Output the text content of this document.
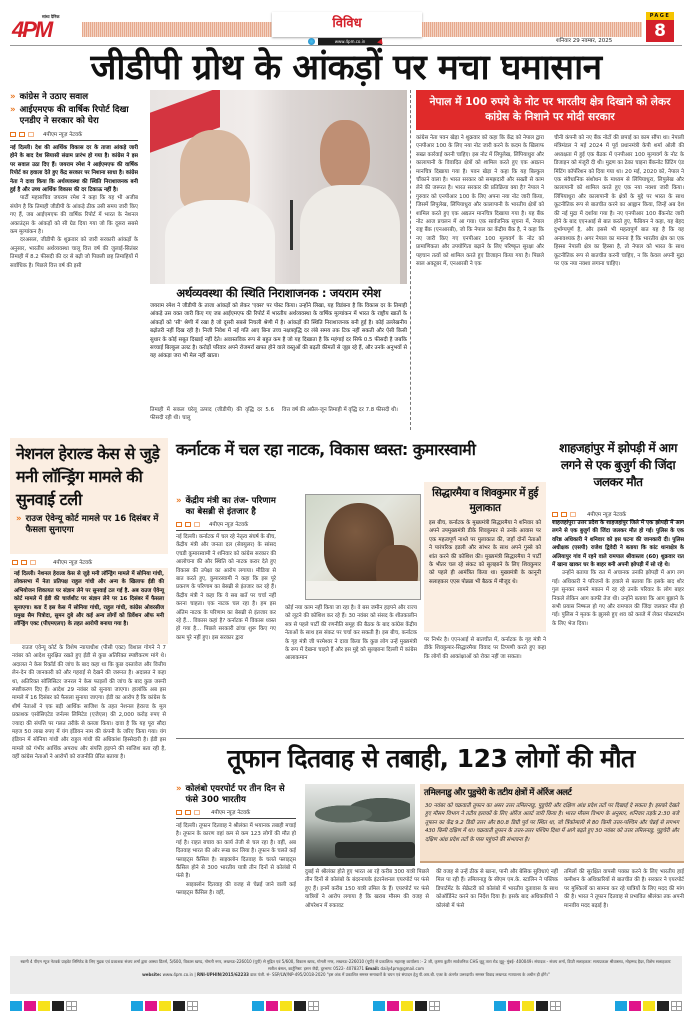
सांध्य दैनिक
4PM	विविध
www.4pm.co.in	शनिवार 29 नवम्बर, 2025
PAGE
8
जीडीपी ग्रोथ के आंकड़ों पर मचा घमासान
» कांग्रेस ने उठाए सवाल
» आईएमएफ की वार्षिक रिपोर्ट दिखा एनडीए ने सरकार को घेरा
4पीएम न्यूज़ नेटवर्क

नई दिल्ली। देश की आर्थिक विकास दर के ताजा आंकड़े जारी होने के बाद देश सियासी संग्राम प्रारंभ हो गया है। कांग्रेस ने इस पर सवाल उठा दिए हैं। जयराम रमेश ने आईएमएफ की वार्षिक रिपोर्ट का हवाला देते हुए केंद्र सरकार पर निशाना साधा है। कांग्रेस नेता ने दावा किया कि अर्थव्यवस्था की स्थिति निराशाजनक बनी हुई है और उच्च आर्थिक विकास की दर टिकाऊ नहीं है।

पार्टी महासचिव जयराम रमेश ने कहा कि यह भी अजीब संयोग है कि तिमाही जीडीपी के आंकड़े ठीक उसी समय जारी किए गए हैं, जब आईएमएफ की वार्षिक रिपोर्ट में भारत के नेशनल अकाउंट्स के आंकड़ों को सी ग्रेड दिया गया जो कि दूसरा सबसे कम मूल्यांकन है।

दरअसल, जीडीपी के शुक्रवार को जारी सरकारी आंकड़ों के अनुसार, भारतीय अर्थव्यवस्था चालू वित्त वर्ष की जुलाई-सितंबर तिमाही में 8.2 फीसदी की दर से बढ़ी जो पिछली छह तिमाहियों में सर्वाधिक है। पिछले वित्त वर्ष की इसी

अर्थव्यवस्था की स्थिति निराशाजनक : जयराम रमेश
जयराम रमेश ने जीडीपी के ताजा आंकड़ों को लेकर 'एक्स' पर पोस्ट किया। उन्होंने लिखा, यह विडंबना है कि विकास दर के तिमाही आंकड़े उस वक्त जारी किए गए जब आईएमएफ की रिपोर्ट में भारतीय अर्थव्यवस्था के वार्षिक मूल्यांकन में भारत के राष्ट्रीय खातों के आंकड़ों को 'सी' श्रेणी में रखा है जो दूसरी सबसे निचली श्रेणी में है। आंकड़ों की स्थिति निराशाजनक बनी हुई है। कोई उल्लेखनीय बढ़ोतरी नहीं दिख रही है। निजी निवेश में नई गति आए बिना उच्च नक्षत्रवृद्धि दर लंबे समय तक टिक नहीं सकती और ऐसी किसी सुधार के कोई सबूत दिखाई नहीं देते। अवास्तविक रूप से बहुत कम है जो यह दिखाता है कि महंगाई दर सिर्फ 0.5 फीसदी है जबकि सच्चाई बिल्कुल उलट है। करोड़ों परिवार अपने रोजमर्रा खपत होने वाले वस्तुओं की बढ़ती कीमतों से जूझ रहे हैं, और उनके अनुभवों से यह आंकड़ा जरा भी मेल नहीं खाता।
तिमाही में सकल घरेलू उत्पाद (जीडीपी) की वृद्धि दर 5.6 फीसदी रही थी। चालू
वित्त वर्ष की अप्रैल-जून तिमाही में वृद्धि दर 7.8 फीसदी थी।
नेपाल में 100 रुपये के नोट पर भारतीय क्षेत्र दिखाने को लेकर कांग्रेस के निशाने पर मोदी सरकार
कांग्रेस नेता पवन खेड़ा ने शुक्रवार को कहा कि केंद्र को नेपाल द्वारा एनपीआर 100 के लिए नया नोट जारी करने के कदम के खिलाफ सख्त कार्रवाई करनी चाहिए। इस नोट में लिपुलेख, लिंपियाधुरा और कालापानी के विवादित क्षेत्रों को शामिल करते हुए एक अद्यतन मानचित्र दिखाया गया है। पवन खेड़ा ने कहा कि यह बिल्कुल चौंकाने वाला है। भारत सरकार को समझदारी और सख्ती से काम लेने की जरूरत है। भारत सरकार की प्रतिक्रिया क्या है? नेपाल ने गुरुवार को एनपीआर 100 के लिए अपना नया नोट जारी किया, जिसमें लिपुलेख, लिंपियाधुरा और कालापानी के भारतीय क्षेत्रों को शामिल करते हुए एक अद्यतन मानचित्र दिखाया गया है। यह बैंक नोट आज प्रचलन में आ गया। एक सार्वजनिक सूचना में, नेपाल राष्ट्र बैंक (एनआरबी), जो कि नेपाल का केंद्रीय बैंक है, ने कहा कि नए जारी किए गए एनपीआर 100 मूल्यवर्ग के नोट को प्रामाणिकता और उपयोगिता बढ़ाने के लिए परिष्कृत सुरक्षा और पहचान तत्वों को शामिल करते हुए डिजाइन किया गया है। पिछले साल अक्टूबर में, एनआरबी ने एक
चीनी कंपनी को नए बैंक नोटों की छपाई का काम सौंपा था। नेपाली मंत्रिमंडल ने मई 2024 में पूर्व प्रधानमंत्री केपी शर्मा ओली की अध्यक्षता में हुई एक बैठक में एनपीआर 100 मूल्यवर्ग के नोट के डिजाइन को मंजूरी दी थी। मुद्रण का ठेका चाइना बैंकनोट प्रिंटिंग एंड मिंटिंग कॉर्पोरेशन को दिया गया था। 20 मई, 2020 को, नेपाल ने एक संवैधानिक संशोधन के माध्यम से लिंपियाधुरा, लिपुलेख और कालापानी को शामिल करते हुए एक नया नक्शा जारी किया। लिंपियाधुरा और कालापानी के क्षेत्रों के मुद्दे पर भारत के साथ कूटनीतिक रूप से बातचीत करने का आह्वान किया, जिन्हें अब देश की नई मुद्रा में दर्शाया गया है। नए एनपीआर 100 बैंकनोट जारी होने के बाद एएनआई से बात करते हुए, फैबियन ने कहा, यह बेहद दुर्भाग्यपूर्ण है, और इससे भी महत्वपूर्ण बात यह है कि यह अनावश्यक है। अगर नेपाल का मानना है कि भारतीय क्षेत्र का एक हिस्सा नेपाली क्षेत्र का हिस्सा है, तो नेपाल को भारत के साथ कूटनीतिक रूप से बातचीत करनी चाहिए, न कि केवल अपनी मुद्रा पर एक नया नक्शा लगाना चाहिए।
नेशनल हेराल्ड केस से जुड़े मनी लॉन्ड्रिंग मामले की सुनवाई टली
» राउज ऐवेन्यू कोर्ट मामले पर 16 दिसंबर में फैसला सुनाएगा
4पीएम न्यूज़ नेटवर्क
नई दिल्ली। नेशनल हेराल्ड केस से जुड़े मनी लॉन्ड्रिंग मामले में सोनिया गांधी, लोकसभा में नेता प्रतिपक्ष राहुल गांधी और अन्य के खिलाफ ईडी की अभियोजन शिकायत पर संज्ञान लेने पर सुनवाई टल गई है. अब राउज ऐवेन्यू कोर्ट मामले में ईडी की चार्जशीट पर संज्ञान लेने पर 16 दिसंबर में फैसला सुनाएगा। बता दें इस केस में सोनिया गांधी, राहुल गांधी, कांग्रेस ओवरसीज प्रमुख सैम पित्रोदा, सुमन दुबे और कई अन्य लोगों को प्रिवेंशन ऑफ मनी लॉन्ड्रिंग एक्ट (पीएमएलए) के तहत आरोपी बनाया गया है।
राउज एवेन्यू कोर्ट के विशेष न्यायाधीश (पीसी एक्ट) विशाल गोगने ने 7 नवंबर को आदेश सुरक्षित रखते हुए ईडी से कुछ अतिरिक्त स्पष्टीकरण मांगे थे। अदालत ने केस रिकॉर्ड की जांच के बाद कहा था कि कुछ दस्तावेज और वित्तीय लेन-देन की जानकारी को और गहराई से देखने की जरूरत है। अदालत ने कहा था, अतिरिक्त सॉलिसिटर जनरल ने केस फाइलों की जांच के बाद कुछ जरूरी स्पष्टीकरण दिए हैं। आदेश 29 नवंबर को सुनाया जाएगा। हालांकि अब इस मामले में 16 दिसंबर को फैसला सुनाया जाएगा। ईडी का आरोप है कि कांग्रेस के शीर्ष नेताओं ने एक बड़ी आर्थिक साजिश के तहत नेशनल हेराल्ड के मूल प्रकाशक एसोसिएटेड जर्नल्स लिमिटेड (एजेएल) की 2,000 करोड़ रुपए से ज्यादा की संपत्ति पर गलत तरीके से कब्जा किया। दावा है कि यह पूरा सौदा महज 50 लाख रुपए में यंग इंडियन नाम की कंपनी के जरिए किया गया। यंग इंडियन में सोनिया गांधी और राहुल गांधी की अधिकांश हिस्सेदारी है। ईडी इस मामले को गंभीर आर्थिक अपराध और संपत्ति हड़पने की साजिश बता रही है, वहीं कांग्रेस नेताओं ने आरोपों को राजनीति प्रेरित बताया है।
कर्नाटक में चल रहा नाटक, विकास ध्वस्त: कुमारस्वामी
» केंद्रीय मंत्री का तंज- परिणाम का बेसब्री से इंतजार है
4पीएम न्यूज़ नेटवर्क
नई दिल्ली। कर्नाटक में चल रहे नेतृत्व संघर्ष के बीच, केंद्रीय मंत्री और जनता दल (सेक्युलर) के सांसद एचडी कुमारस्वामी ने शनिवार को कांग्रेस सरकार की आलोचना की और स्थिति को नाटक करार देते हुए विकास की उपेक्षा का आरोप लगाया। मीडिया से बात करते हुए, कुमारस्वामी ने कहा कि इस पूरे प्रकरण के परिणाम का बेसब्री से इंतजार कर रहे हैं। केंद्रीय मंत्री ने कहा कि ये सब बातें पर चर्चा नहीं करना चाहता। एक नाटक चल रहा है। हम इस अंतिम नाटक के परिणाम का बेसब्री से इंतजार कर रहे हैं... विकास कहां है? कर्नाटक में विकास ध्वस्त हो गया है... पिछले सरकारी ढांचा शुरू किए गए काम पूरे नहीं हुए। इस सरकार द्वारा
कोई नया काम नहीं किया जा रहा है। वे बस जमीन हड़पने और राज्य को लूटने की कोशिश कर रहे हैं। 30 नवंबर को संसद के शीतकालीन सत्र से पहले पार्टी की रणनीति समूह की बैठक के बाद कांग्रेस केंद्रीय नेताओं के साथ इस संकट पर चर्चा कर सकती है। इस बीच, कर्नाटक के गृह मंत्री जी परमेश्वर ने दावा किया कि कुछ लोग उन्हें मुख्यमंत्री के रूप में देखना चाहते हैं और इस मुद्दे को सुलझाना दिल्ली में कांग्रेस आलाकमान
सिद्धारमैया व शिवकुमार में हुई मुलाकात
इस बीच, कर्नाटक के मुख्यमंत्री सिद्धारमैया ने शनिवार को अपने उपमुख्यमंत्री डीके शिवकुमार से उनके आवास पर एक महत्वपूर्ण नाश्ते पर मुलाकात की, जहाँ दोनों नेताओं ने पारंपरिक इडली और सांभर के साथ अपने गुस्से को शांत करने की कोशिश की। मुख्यमंत्री सिद्धारमैया ने पार्टी के भीतर चल रहे संकट को सुलझाने के लिए शिवकुमार को पहले ही आमंत्रित किया था। मुख्यमंत्री के कानूनी सलाहकार एएस पोन्नन्ना भी बैठक में मौजूद थे।
पर निर्भर है। एएनआई से बातचीत में, कर्नाटक के गृह मंत्री ने डीके शिवकुमार-सिद्धारमैया विवाद पर टिप्पणी करते हुए कहा कि लोगों की आकांक्षाओं को रोका नहीं जा सकता।
शाहजहांपुर में झोपड़ी में आग लगने से एक बुजुर्ग की जिंदा जलकर मौत
4पीएम न्यूज़ नेटवर्क

शाहजहांपुर। उत्तर प्रदेश के शाहजहांपुर जिले में एक झोपड़ी में आग लगने से एक बुजुर्ग की जिंदा जलकर मौत हो गई। पुलिस के एक वरिष्ठ अधिकारी ने शनिवार को इस घटना की जानकारी दी। पुलिस अधीक्षक (एसपी) राजेश द्विवेदी ने बताया कि कांट थानाक्षेत्र के अलियापुर गांव में रहने वाले रामपाल श्रीवास्तव (60) शुक्रवार रात में खाना खाकर घर के बाहर बनी अपनी झोपड़ी में सो रहे थे।

उन्होंने बताया कि रात में अचानक उनकी झोपड़ी में आग लग गई। अधिकारी ने परिजनों के हवाले से बताया कि इसके बाद शोर गुल सुनकर सामने मकान में रह रहे उनके परिवार के लोग बाहर निकले लेकिन आग काफी तेज थी। उन्होंने बताया कि आग बुझाने के सभी प्रयास निष्फल हो गए और रामपाल की जिंदा जलकर मौत हो गई। पुलिस ने मृतक के झुलसे हुए शव को कब्जे में लेकर पोस्टमार्टम के लिए भेज दिया।

तूफान दितवाह से तबाही, 123 लोगों की मौत
» कोलंबो एयरपोर्ट पर तीन दिन से फंसे 300 भारतीय
4पीएम न्यूज़ नेटवर्क

नई दिल्ली। तूफान दितवाह ने श्रीलंका में भयानक तबाही मचाई है। तूफान के कारण वहां कम से कम 123 लोगों की मौत हो गई है। राहत बचाव का कार्य तेजी से चल रहा है। वहीं, अब दितवाह भारत की ओर रूख कर लिया है। तूफान के चलते कई फ्लाइट्स कैंसिल है। साइक्लोन दितवाह के चलते फ्लाइट्स कैंसिल होने से 300 भारतीय यात्री तीन दिनों से कोलंबो में फंसे है।

साइक्लोन दितवाह की वजह से चेन्नई जाने वाली कई फ्लाइट्स कैंसिल है। वहीं,

तमिलनाडु और पुडुचेरी के तटीय क्षेत्रों में ऑरेंज अलर्ट
30 नवंबर को चक्रवाती तूफान का असर उत्तर तमिलनाडु, पुडुचेरी और दक्षिण आंध्र प्रदेश तटों पर दिखाई दे सकता है। इसको देखते हुए मौसम विभाग ने तटीय इलाकों के लिए ऑरेंज अलर्ट जारी किया है। भारत मौसम विभाग के अनुसार, शनिवार तड़के 2:30 बजे तूफान का केंद्र 9.2 डिग्री उत्तर और 80.8 डिग्री पूर्व पर स्थित था, जो त्रिंकोमाली से 80 किमी उत्तर-पश्चिम और चेन्नई से लगभग 430 किमी दक्षिण में था। चक्रवाती तूफान के उत्तर-उत्तर पश्चिम दिशा में आगे बढ़ते हुए 30 नवंबर को उत्तर तमिलनाडु, पुडुचेरी और दक्षिण आंध्र प्रदेश तटों के पास पहुंचने की संभावना है।
दुबई से श्रीलंका होते हुए भारत आ रहे करीब 300 यात्री पिछले तीन दिनों से कोलंबो के बंदरनायके इंटरनेशनल एयरपोर्ट पर फंसे हुए हैं। इनमें करीब 150 यात्री तमिल के हैं। एयरपोर्ट पर फंसे यात्रियों ने आरोप लगाया है कि खराब मौसम की वजह से ऑपरेशन में रुकावट
की वजह से उन्हें ठीक से खाना, पानी और बेसिक सुविधाएं नहीं मिल पा रही हैं। तमिलनाडु के सीएम एम.के. स्टालिन ने पब्लिक डिपार्टमेंट के सेक्रेटरी को कोलंबो में भारतीय दूतावास के साथ कोऑर्डिनेट करने का निर्देश दिया है। इसके बाद अधिकारियों ने कोलंबो में फंसे
तमिलों की सुरक्षित वापसी पक्का करने के लिए भारतीय हाई कमीशन के अधिकारियों से बातचीत की है। सरकार ने एयरपोर्ट पर मुश्किलों का सामना कर रहे यात्रियों के लिए मदद की मांग की है। भारत ने तूफान दितवाह से प्रभावित श्रीलंका तक अपनी मानवीय मदद बढ़ाई है।
स्वामी 4 पीएम न्यूज नेटवर्क प्राइवेट लिमिटेड के लिए मुद्रक एवं प्रकाशक संजय शर्मा द्वारा आस्था प्रिंटर्स, 5/600, विकास खण्ड, गोमती नगर, लखनऊ-226010 (यूपी) से मुद्रित एवं 5/600, विकास खण्ड, गोमती नगर, लखनऊ-226010 (यूपी) से प्रकाशित। महाराष्ट्र कार्यालय :- 2 जी, कृष्णा कुटीर सार्वजनिक CHS जुहू तारा रोड जुहू- मुंबई- 400049। संपादक - संजय शर्मा, डिप्टी सलाहकार: सत्यप्रकाश श्रीवास्तव, मोहम्मद हैदर, विशेष सलाहकार: सतीश बंसल, कार्टूनिस्ट: हसन जैदी, दूरभाष: 0522- 4078371 Email: daily4pm@gmail.com
website: www.4pm.co.in | RNI-UPHIN/2015/62233 डाक पंजी. सं- SSP/LW/NP-495/2018-2020 "इस अंक में प्रकाशित समस्त समाचारों के चयन एवं संपादन हेतु पी.आर.बी. एक्ट के अंतर्गत उत्तरदायी। समस्त विवाद लखनऊ न्यायालय के अधीन ही होंगे।"
